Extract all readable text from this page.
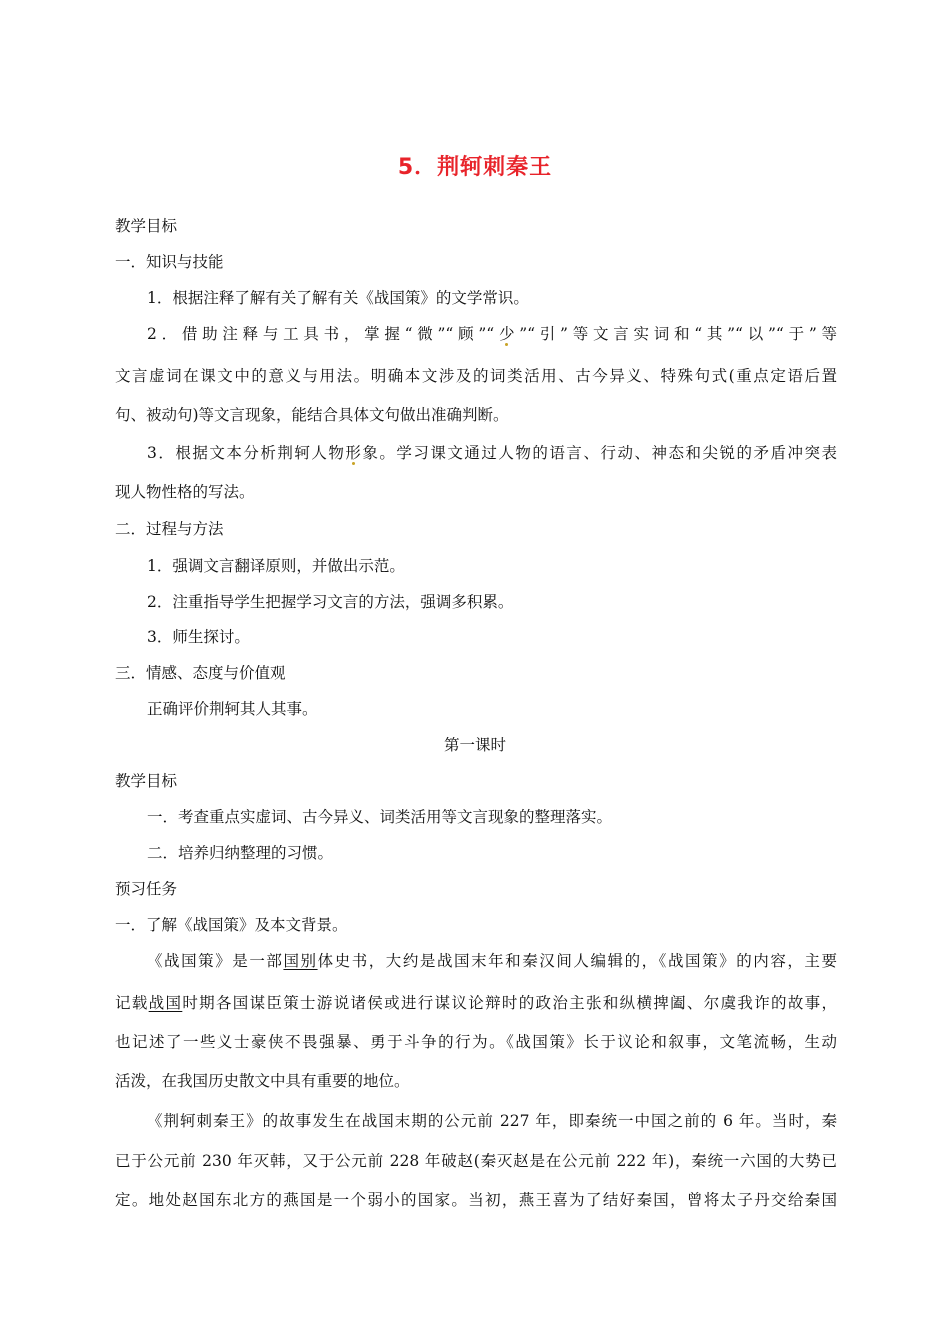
5．荆轲刺秦王
教学目标
一．知识与技能
1．根据注释了解有关了解有关《战国策》的文学常识。
2．借助注释与工具书，掌握“微”“顾”“少”“引”等文言实词和“其”“以”“于”等
文言虚词在课文中的意义与用法。明确本文涉及的词类活用、古今异义、特殊句式(重点定语后置
句、被动句)等文言现象，能结合具体文句做出准确判断。
3．根据文本分析荆轲人物形象。学习课文通过人物的语言、行动、神态和尖锐的矛盾冲突表
现人物性格的写法。
二．过程与方法
1．强调文言翻译原则，并做出示范。
2．注重指导学生把握学习文言的方法，强调多积累。
3．师生探讨。
三．情感、态度与价值观
正确评价荆轲其人其事。
第一课时
教学目标
一．考查重点实虚词、古今异义、词类活用等文言现象的整理落实。
二．培养归纳整理的习惯。
预习任务
一．了解《战国策》及本文背景。
《战国策》是一部国别体史书，大约是战国末年和秦汉间人编辑的，《战国策》的内容，主要
记载战国时期各国谋臣策士游说诸侯或进行谋议论辩时的政治主张和纵横捭阖、尔虞我诈的故事，
也记述了一些义士豪侠不畏强暴、勇于斗争的行为。《战国策》长于议论和叙事，文笔流畅，生动
活泼，在我国历史散文中具有重要的地位。
《荆轲刺秦王》的故事发生在战国末期的公元前 227 年，即秦统一中国之前的 6 年。当时，秦
已于公元前 230 年灭韩，又于公元前 228 年破赵(秦灭赵是在公元前 222 年)，秦统一六国的大势已
定。地处赵国东北方的燕国是一个弱小的国家。当初，燕王喜为了结好秦国，曾将太子丹交给秦国
